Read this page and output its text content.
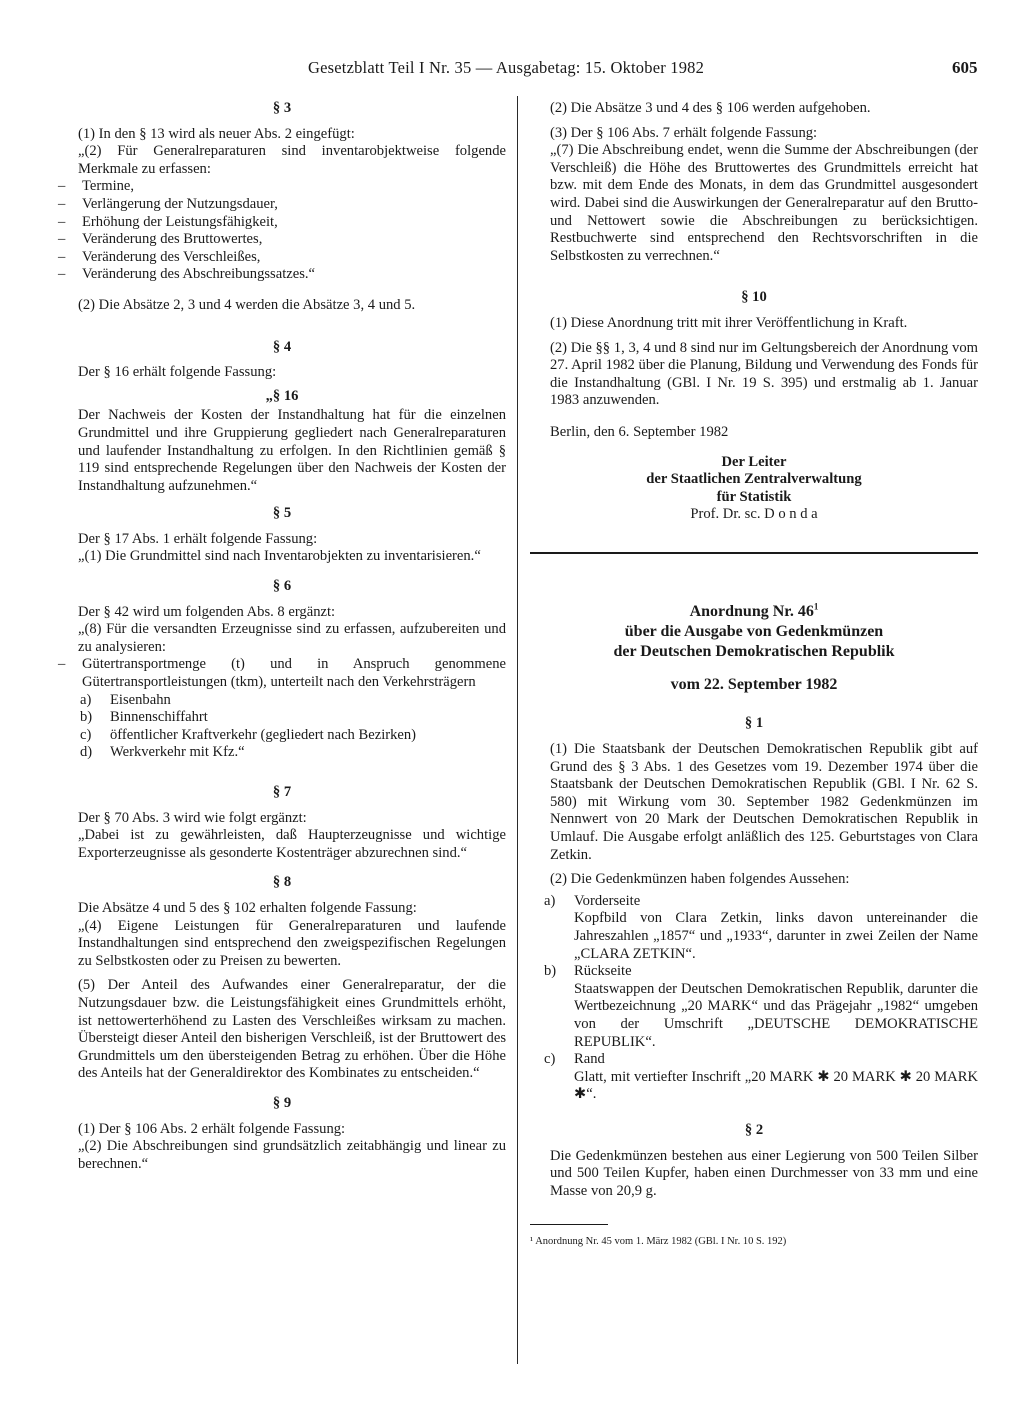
Gesetzblatt Teil I Nr. 35 — Ausgabetag: 15. Oktober 1982	605
§ 3

(1) In den § 13 wird als neuer Abs. 2 eingefügt:

„(2) Für Generalreparaturen sind inventarobjektweise folgende Merkmale zu erfassen:

–	Termine,
–	Verlängerung der Nutzungsdauer,
–	Erhöhung der Leistungsfähigkeit,
–	Veränderung des Bruttowertes,
–	Veränderung des Verschleißes,
–	Veränderung des Abschreibungssatzes.“

(2) Die Absätze 2, 3 und 4 werden die Absätze 3, 4 und 5.

§ 4

Der § 16 erhält folgende Fassung:

„§ 16

Der Nachweis der Kosten der Instandhaltung hat für die einzelnen Grundmittel und ihre Gruppierung gegliedert nach Generalreparaturen und laufender Instandhaltung zu erfolgen. In den Richtlinien gemäß § 119 sind entsprechende Regelungen über den Nachweis der Kosten der Instandhaltung aufzunehmen.“

§ 5

Der § 17 Abs. 1 erhält folgende Fassung:

„(1) Die Grundmittel sind nach Inventarobjekten zu inventarisieren.“

§ 6

Der § 42 wird um folgenden Abs. 8 ergänzt:

„(8) Für die versandten Erzeugnisse sind zu erfassen, aufzubereiten und zu analysieren:

–	Gütertransportmenge (t) und in Anspruch genommene Gütertransportleistungen (tkm), unterteilt nach den Verkehrsträgern
a)	Eisenbahn
b)	Binnenschiffahrt
c)	öffentlicher Kraftverkehr (gegliedert nach Bezirken)
d)	Werkverkehr mit Kfz.“
§ 7

Der § 70 Abs. 3 wird wie folgt ergänzt:

„Dabei ist zu gewährleisten, daß Haupterzeugnisse und wichtige Exporterzeugnisse als gesonderte Kostenträger abzurechnen sind.“

§ 8

Die Absätze 4 und 5 des § 102 erhalten folgende Fassung:

„(4) Eigene Leistungen für Generalreparaturen und laufende Instandhaltungen sind entsprechend den zweigspezifischen Regelungen zu Selbstkosten oder zu Preisen zu bewerten.

(5) Der Anteil des Aufwandes einer Generalreparatur, der die Nutzungsdauer bzw. die Leistungsfähigkeit eines Grundmittels erhöht, ist nettowerterhöhend zu Lasten des Verschleißes wirksam zu machen. Übersteigt dieser Anteil den bisherigen Verschleiß, ist der Bruttowert des Grundmittels um den übersteigenden Betrag zu erhöhen. Über die Höhe des Anteils hat der Generaldirektor des Kombinates zu entscheiden.“

§ 9

(1) Der § 106 Abs. 2 erhält folgende Fassung:

„(2) Die Abschreibungen sind grundsätzlich zeitabhängig und linear zu berechnen.“

(2) Die Absätze 3 und 4 des § 106 werden aufgehoben.

(3) Der § 106 Abs. 7 erhält folgende Fassung:

„(7) Die Abschreibung endet, wenn die Summe der Abschreibungen (der Verschleiß) die Höhe des Bruttowertes des Grundmittels erreicht hat bzw. mit dem Ende des Monats, in dem das Grundmittel ausgesondert wird. Dabei sind die Auswirkungen der Generalreparatur auf den Brutto- und Nettowert sowie die Abschreibungen zu berücksichtigen. Restbuchwerte sind entsprechend den Rechtsvorschriften in die Selbstkosten zu verrechnen.“

§ 10

(1) Diese Anordnung tritt mit ihrer Veröffentlichung in Kraft.

(2) Die §§ 1, 3, 4 und 8 sind nur im Geltungsbereich der Anordnung vom 27. April 1982 über die Planung, Bildung und Verwendung des Fonds für die Instandhaltung (GBl. I Nr. 19 S. 395) und erstmalig ab 1. Januar 1983 anzuwenden.

Berlin, den 6. September 1982

Der Leiter
der Staatlichen Zentralverwaltung
für Statistik
Prof. Dr. sc. D o n d a

Anordnung Nr. $46^1$

über die Ausgabe von Gedenkmünzen

der Deutschen Demokratischen Republik

vom 22. September 1982

§ 1

(1) Die Staatsbank der Deutschen Demokratischen Republik gibt auf Grund des § 3 Abs. 1 des Gesetzes vom 19. Dezember 1974 über die Staatsbank der Deutschen Demokratischen Republik (GBl. I Nr. 62 S. 580) mit Wirkung vom 30. September 1982 Gedenkmünzen im Nennwert von 20 Mark der Deutschen Demokratischen Republik in Umlauf. Die Ausgabe erfolgt anläßlich des 125. Geburtstages von Clara Zetkin.

(2) Die Gedenkmünzen haben folgendes Aussehen:

a)	Vorderseite
Kopfbild von Clara Zetkin, links davon untereinander die Jahreszahlen „1857“ und „1933“, darunter in zwei Zeilen der Name „CLARA ZETKIN“.
b)	Rückseite
Staatswappen der Deutschen Demokratischen Republik, darunter die Wertbezeichnung „20 MARK“ und das Prägejahr „1982“ umgeben von der Umschrift „DEUTSCHE DEMOKRATISCHE REPUBLIK“.
c)	Rand
Glatt, mit vertiefter Inschrift „20 MARK ✱ 20 MARK ✱ 20 MARK ✱“.
§ 2

Die Gedenkmünzen bestehen aus einer Legierung von 500 Teilen Silber und 500 Teilen Kupfer, haben einen Durchmesser von 33 mm und eine Masse von 20,9 g.

¹ Anordnung Nr. 45 vom 1. März 1982 (GBl. I Nr. 10 S. 192)
